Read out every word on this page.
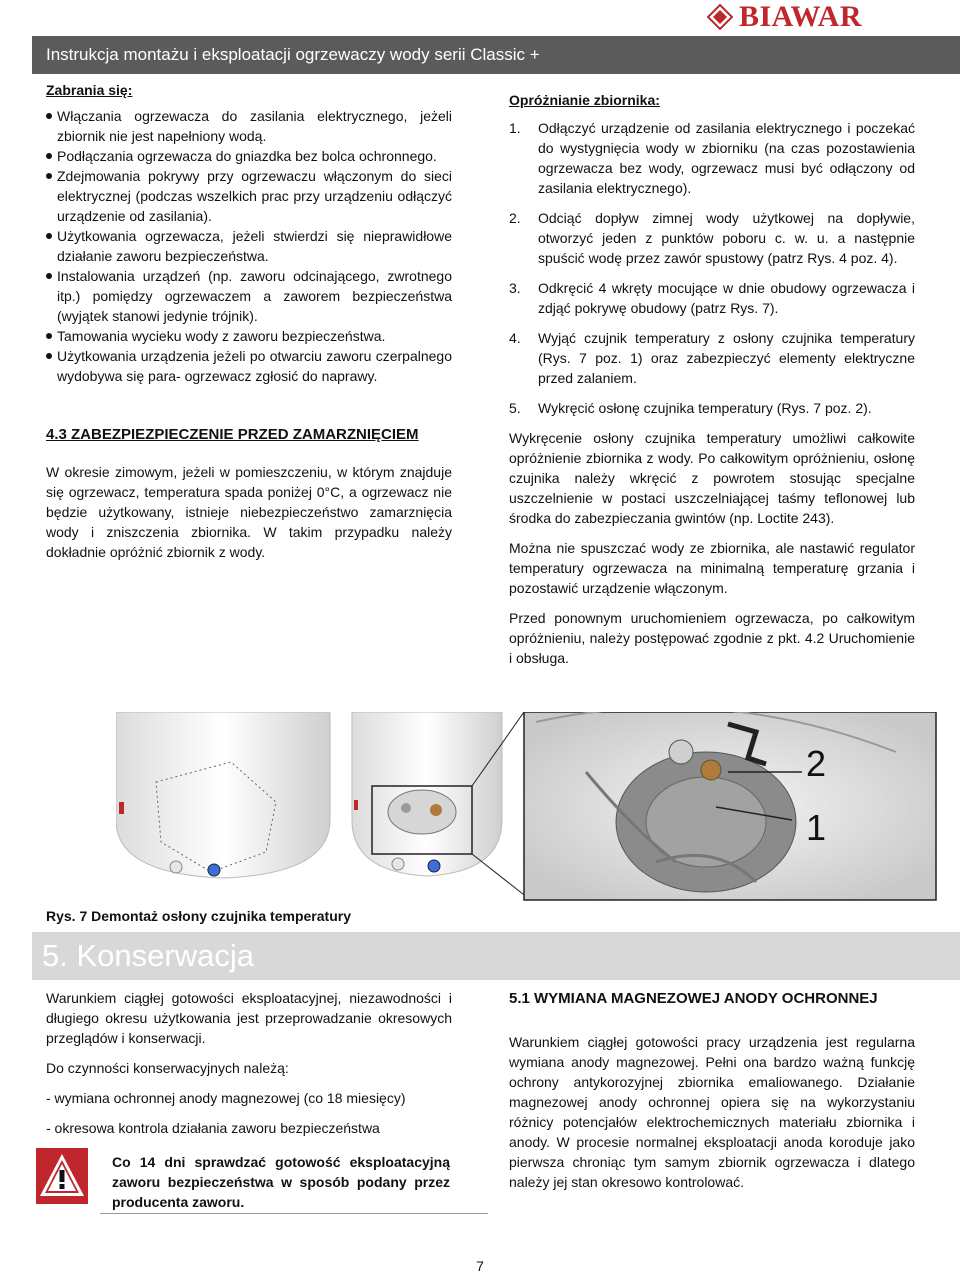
BIAWAR
Instrukcja montażu i eksploatacji ogrzewaczy wody serii Classic +
Zabrania się:
Włączania ogrzewacza do zasilania elektrycznego, jeżeli zbiornik nie jest napełniony wodą.
Podłączania ogrzewacza do gniazdka bez bolca ochronnego.
Zdejmowania pokrywy przy ogrzewaczu włączonym do sieci elektrycznej (podczas wszelkich prac przy urządzeniu odłączyć urządzenie od zasilania).
Użytkowania ogrzewacza, jeżeli stwierdzi się nieprawidłowe działanie zaworu bezpieczeństwa.
Instalowania urządzeń (np. zaworu odcinającego, zwrotnego itp.) pomiędzy ogrzewaczem a zaworem bezpieczeństwa (wyjątek stanowi jedynie trójnik).
Tamowania wycieku wody z zaworu bezpieczeństwa.
Użytkowania urządzenia jeżeli po otwarciu zaworu czerpalnego wydobywa się para- ogrzewacz zgłosić do naprawy.
4.3 ZABEZPIEZPIECZENIE PRZED ZAMARZNIĘCIEM

W okresie zimowym, jeżeli w pomieszczeniu, w którym znajduje się ogrzewacz, temperatura spada poniżej 0°C, a ogrzewacz nie będzie użytkowany, istnieje niebezpieczeństwo zamarznięcia wody i zniszczenia zbiornika. W takim przypadku należy dokładnie opróżnić zbiornik z wody.

Opróżnianie zbiornika:
1.	Odłączyć urządzenie od zasilania elektrycznego i poczekać do wystygnięcia wody w zbiorniku (na czas pozostawienia ogrzewacza bez wody, ogrzewacz musi być odłączony od zasilania elektrycznego).
2.	Odciąć dopływ zimnej wody użytkowej na dopływie, otworzyć jeden z punktów poboru c. w. u. a następnie spuścić wodę przez zawór spustowy (patrz Rys. 4 poz. 4).
3.	Odkręcić 4 wkręty mocujące w dnie obudowy ogrzewacza i zdjąć pokrywę obudowy (patrz Rys. 7).
4.	Wyjąć czujnik temperatury z osłony czujnika temperatury (Rys. 7 poz. 1) oraz zabezpieczyć elementy elektryczne przed zalaniem.
5.	Wykręcić osłonę czujnika temperatury (Rys. 7 poz. 2).

Wykręcenie osłony czujnika temperatury umożliwi całkowite opróżnienie zbiornika z wody. Po całkowitym opróżnieniu, osłonę czujnika należy wkręcić z powrotem stosując specjalne uszczelnienie w postaci uszczelniającej taśmy teflonowej lub środka do zabezpieczania gwintów (np. Loctite 243).

Można nie spuszczać wody ze zbiornika, ale nastawić regulator temperatury ogrzewacza na minimalną temperaturę grzania i pozostawić urządzenie włączonym.

Przed ponownym uruchomieniem ogrzewacza, po całkowitym opróżnieniu, należy postępować zgodnie z pkt. 4.2 Uruchomienie i obsługa.

2
1
Rys. 7 Demontaż osłony czujnika temperatury
5. Konserwacja

Warunkiem ciągłej gotowości eksploatacyjnej, niezawodności i długiego okresu użytkowania jest przeprowadzanie okresowych przeglądów i konserwacji.

Do czynności konserwacyjnych należą:

- wymiana ochronnej anody magnezowej (co 18 miesięcy)

- okresowa kontrola działania zaworu bezpieczeństwa

Co 14 dni sprawdzać gotowość eksploatacyjną zaworu bezpieczeństwa w sposób podany przez producenta zaworu.
5.1 WYMIANA MAGNEZOWEJ ANODY OCHRONNEJ

Warunkiem ciągłej gotowości pracy urządzenia jest regularna wymiana anody magnezowej. Pełni ona bardzo ważną funkcję ochrony antykorozyjnej zbiornika emaliowanego. Działanie magnezowej anody ochronnej opiera się na wykorzystaniu różnicy potencjałów elektrochemicznych materiału zbiornika i anody. W procesie normalnej eksploatacji anoda koroduje jako pierwsza chroniąc tym samym zbiornik ogrzewacza i dlatego należy jej stan okresowo kontrolować.

7
